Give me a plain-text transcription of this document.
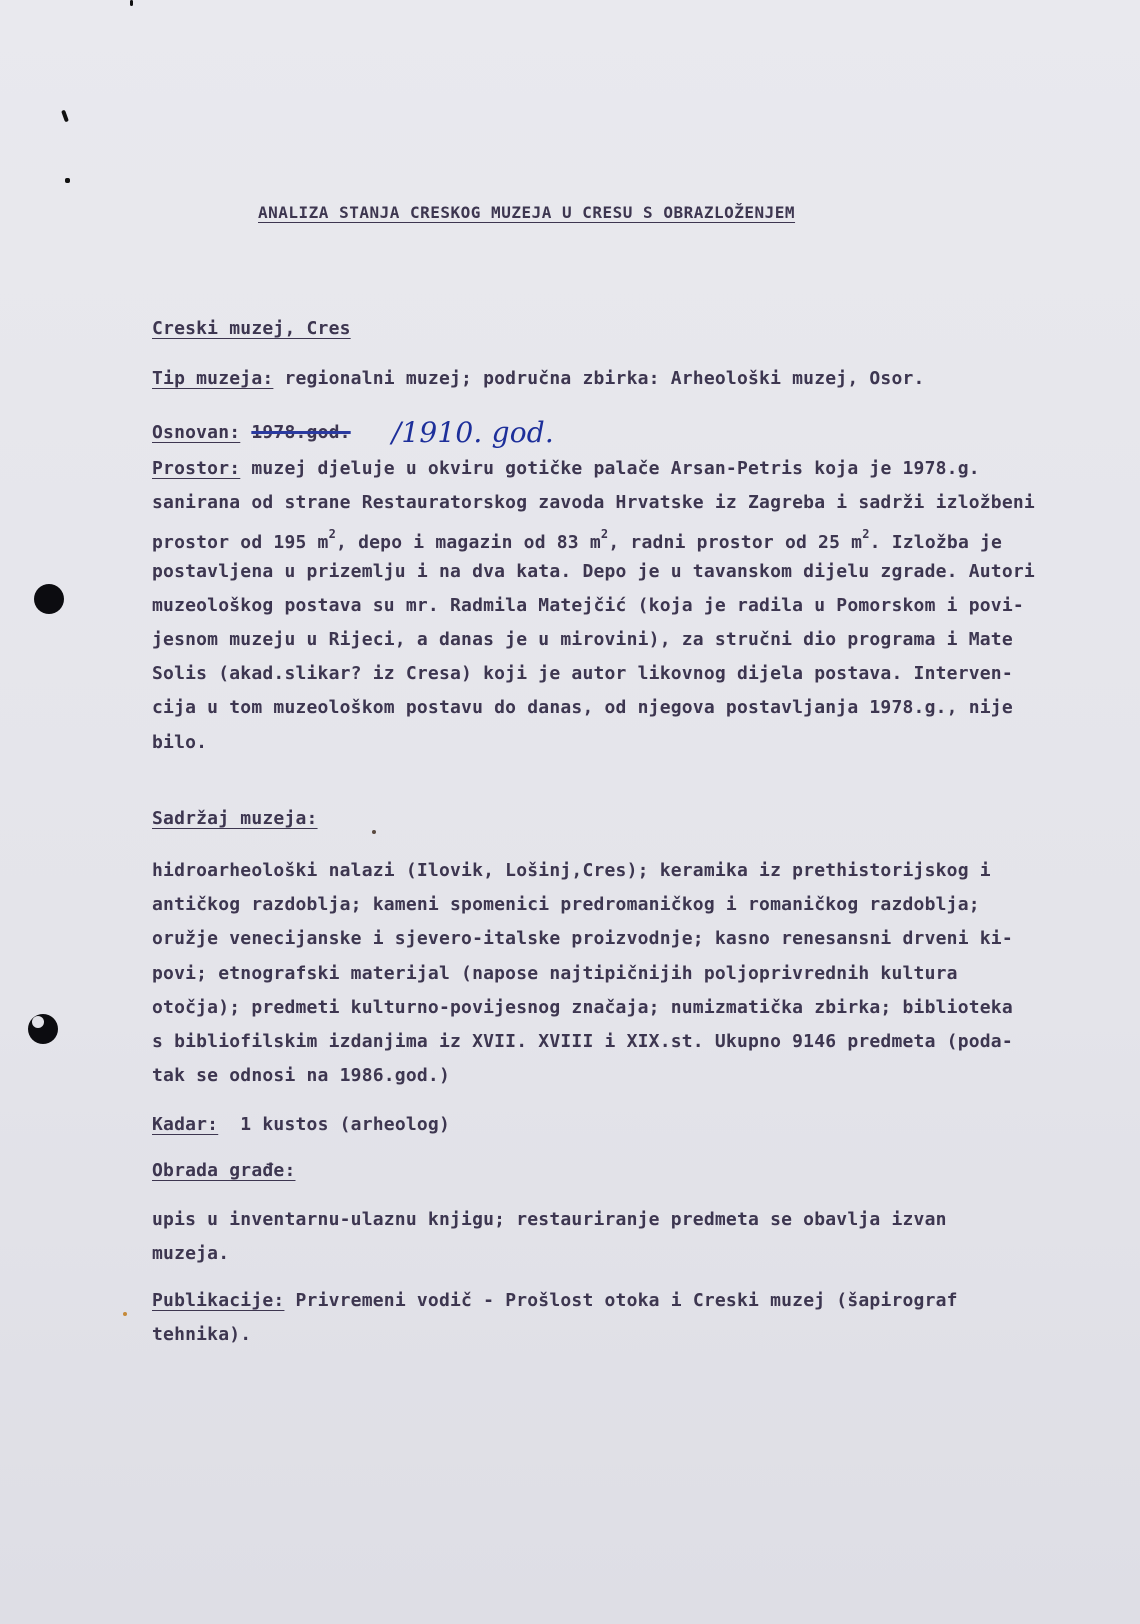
ANALIZA STANJA CRESKOG MUZEJA U CRESU S OBRAZLOŽENJEM
Creski muzej, Cres
Tip muzeja: regionalni muzej; područna zbirka: Arheološki muzej, Osor.
Osnovan: 1978.god. /1910. god.
Prostor: muzej djeluje u okviru gotičke palače Arsan-Petris koja je 1978.g.
sanirana od strane Restauratorskog zavoda Hrvatske iz Zagreba i sadrži izložbeni
prostor od 195 $m^2$, depo i magazin od 83 $m^2$, radni prostor od 25 $m^2$. Izložba je
postavljena u prizemlju i na dva kata. Depo je u tavanskom dijelu zgrade. Autori
muzeološkog postava su mr. Radmila Matejčić (koja je radila u Pomorskom i povi-
jesnom muzeju u Rijeci, a danas je u mirovini), za stručni dio programa i Mate
Solis (akad.slikar? iz Cresa) koji je autor likovnog dijela postava. Interven-
cija u tom muzeološkom postavu do danas, od njegova postavljanja 1978.g., nije
bilo.
Sadržaj muzeja:
hidroarheološki nalazi (Ilovik, Lošinj,Cres); keramika iz prethistorijskog i
antičkog razdoblja; kameni spomenici predromaničkog i romaničkog razdoblja;
oružje venecijanske i sjevero-italske proizvodnje; kasno renesansni drveni ki-
povi; etnografski materijal (napose najtipičnijih poljoprivrednih kultura
otočja); predmeti kulturno-povijesnog značaja; numizmatička zbirka; biblioteka
s bibliofilskim izdanjima iz XVII. XVIII i XIX.st. Ukupno 9146 predmeta (poda-
tak se odnosi na 1986.god.)
Kadar:  1 kustos (arheolog)
Obrada građe:
upis u inventarnu-ulaznu knjigu; restauriranje predmeta se obavlja izvan
muzeja.
Publikacije: Privremeni vodič - Prošlost otoka i Creski muzej (šapirograf
tehnika).
